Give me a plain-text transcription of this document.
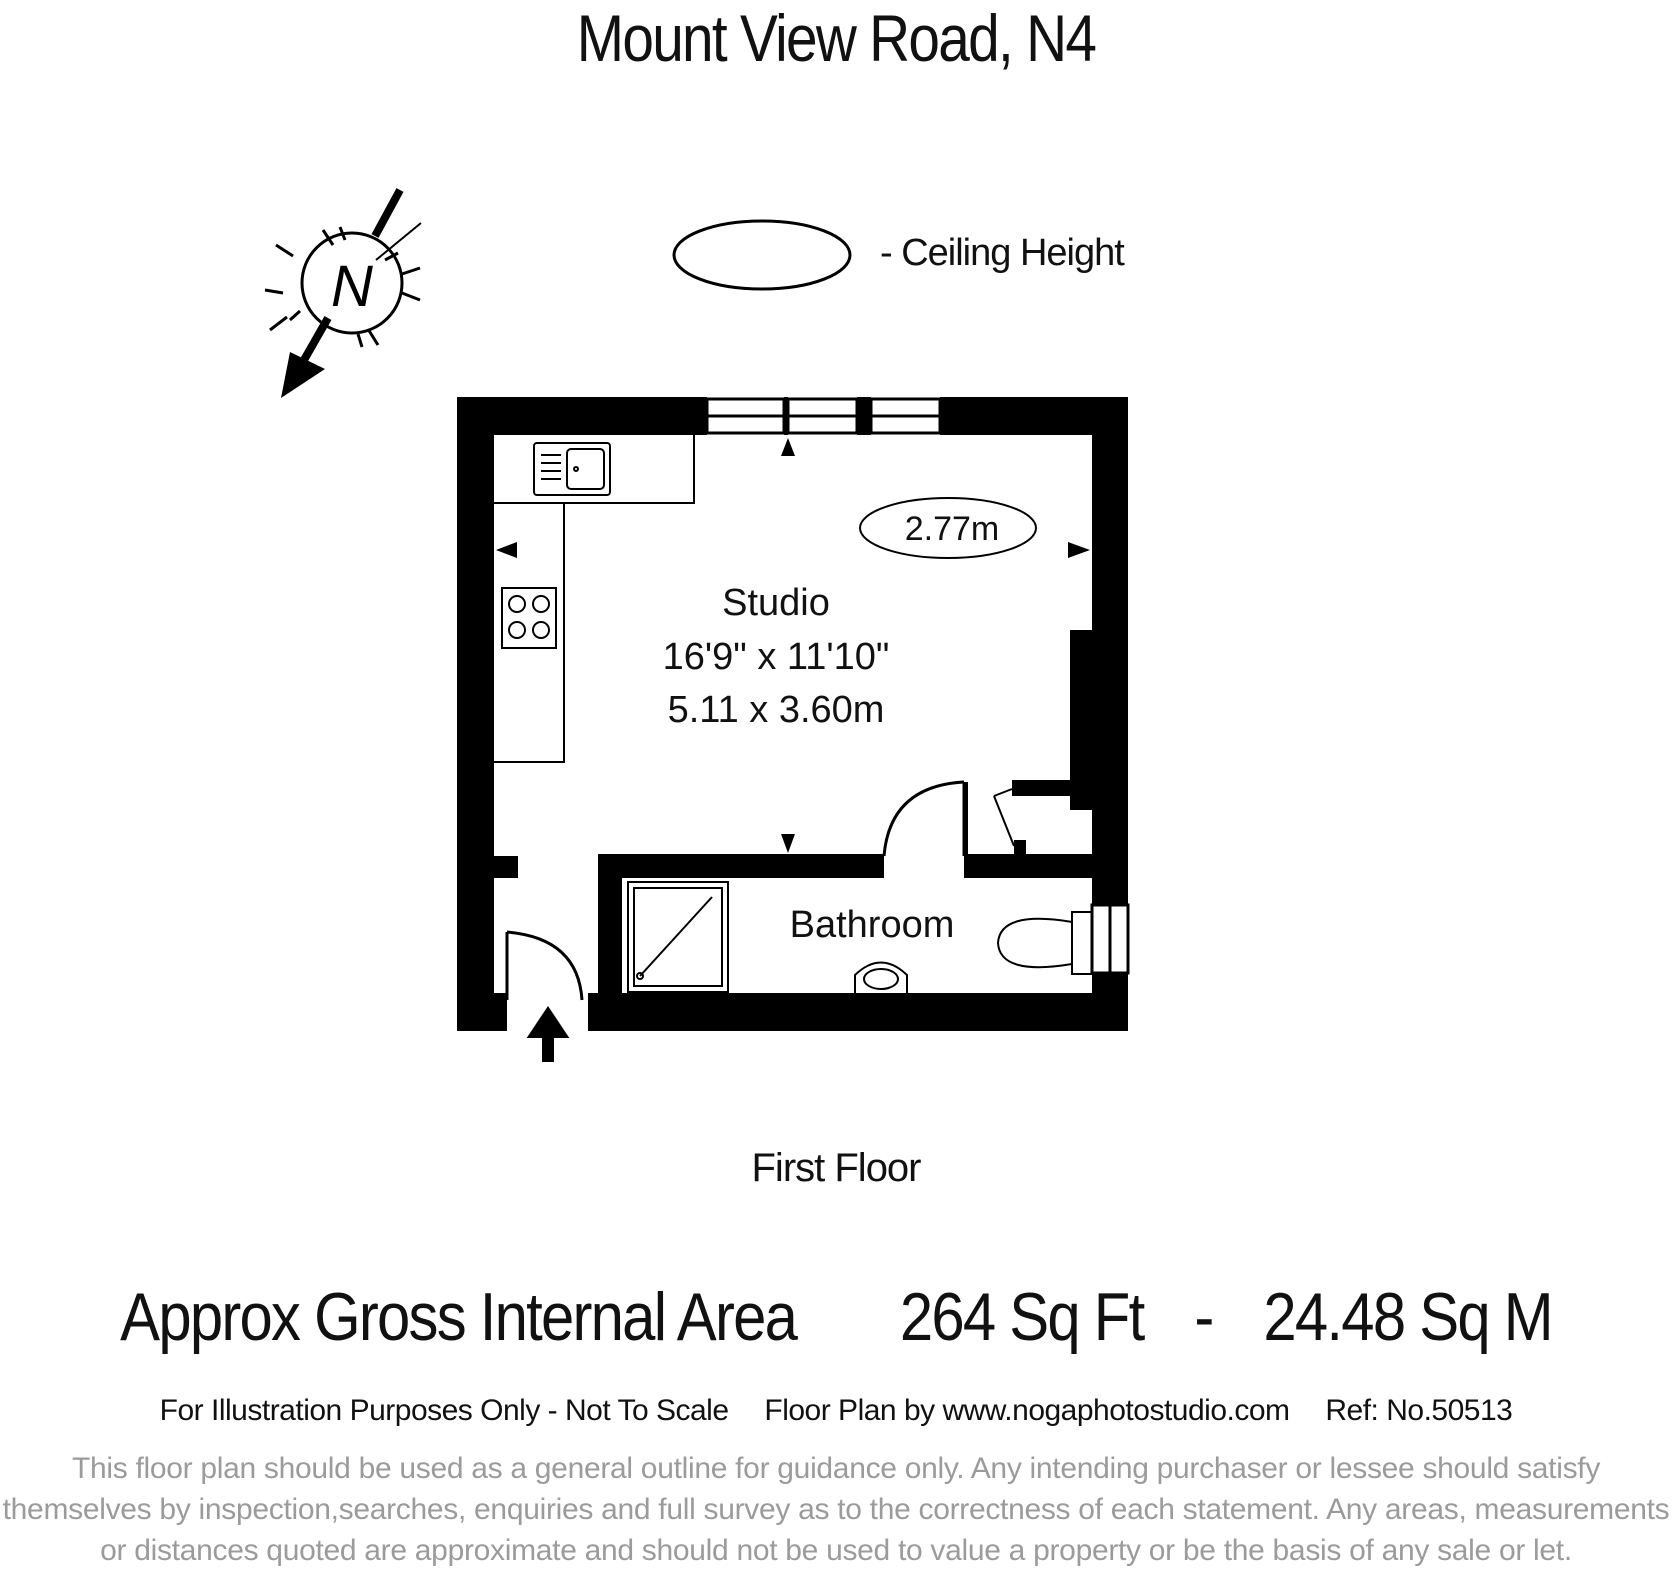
Mount View Road, N4
N
- Ceiling Height
2.77m
Studio
16'9" x 11'10"
5.11 x 3.60m
Bathroom
First Floor
Approx Gross Internal Area 264 Sq Ft - 24.48 Sq M
For Illustration Purposes Only - Not To Scale Floor Plan by www.nogaphotostudio.com Ref: No.50513
This floor plan should be used as a general outline for guidance only. Any intending purchaser or lessee should satisfy
themselves by inspection,searches, enquiries and full survey as to the correctness of each statement. Any areas, measurements
or distances quoted are approximate and should not be used to value a property or be the basis of any sale or let.
